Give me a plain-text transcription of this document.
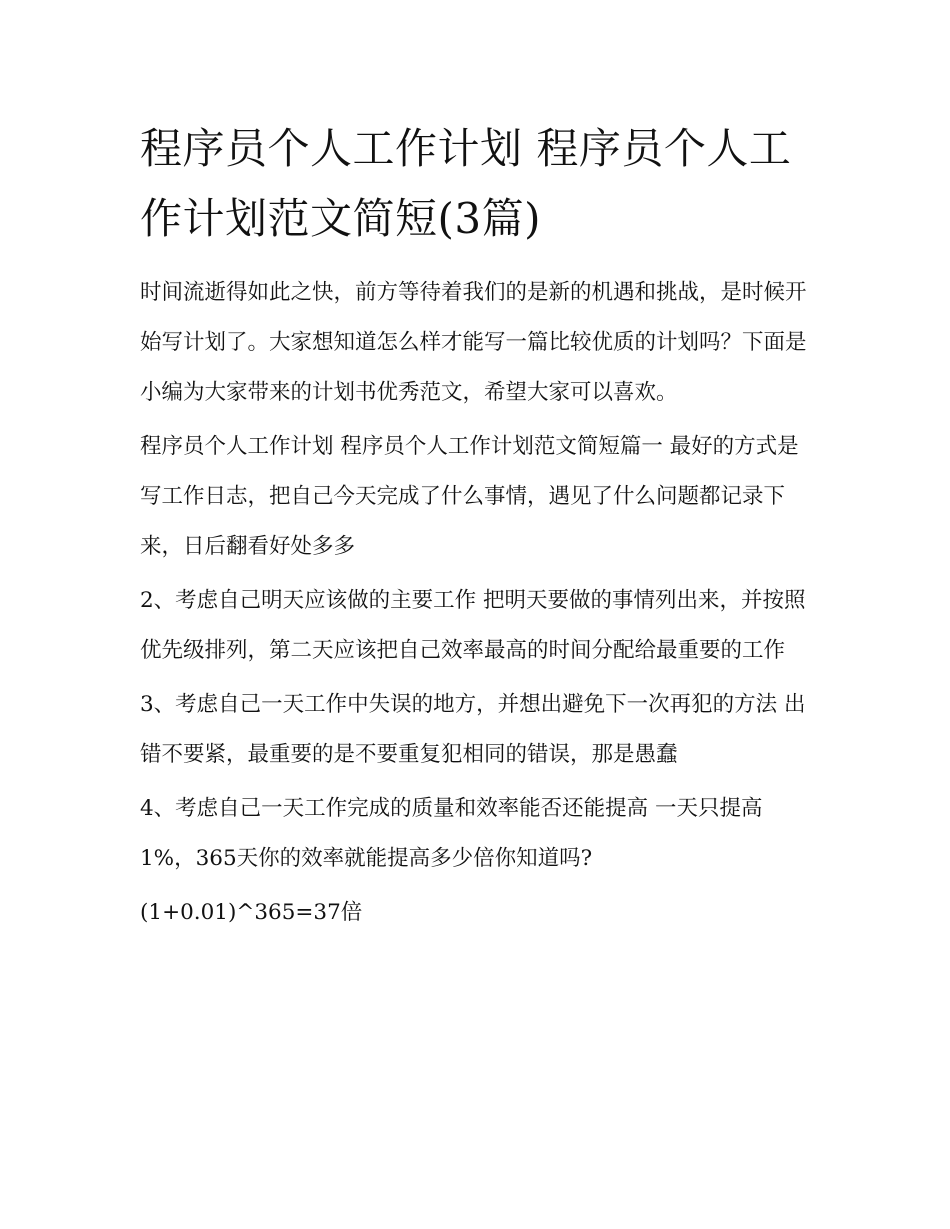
程序员个人工作计划 程序员个人工作计划范文简短(3篇)

时间流逝得如此之快，前方等待着我们的是新的机遇和挑战，是时候开始写计划了。大家想知道怎么样才能写一篇比较优质的计划吗？下面是小编为大家带来的计划书优秀范文，希望大家可以喜欢。

程序员个人工作计划 程序员个人工作计划范文简短篇一 最好的方式是写工作日志，把自己今天完成了什么事情，遇见了什么问题都记录下来，日后翻看好处多多

2、考虑自己明天应该做的主要工作 把明天要做的事情列出来，并按照优先级排列，第二天应该把自己效率最高的时间分配给最重要的工作

3、考虑自己一天工作中失误的地方，并想出避免下一次再犯的方法 出错不要紧，最重要的是不要重复犯相同的错误，那是愚蠢

4、考虑自己一天工作完成的质量和效率能否还能提高 一天只提高1%，365天你的效率就能提高多少倍你知道吗?

(1+0.01)^365=37倍
